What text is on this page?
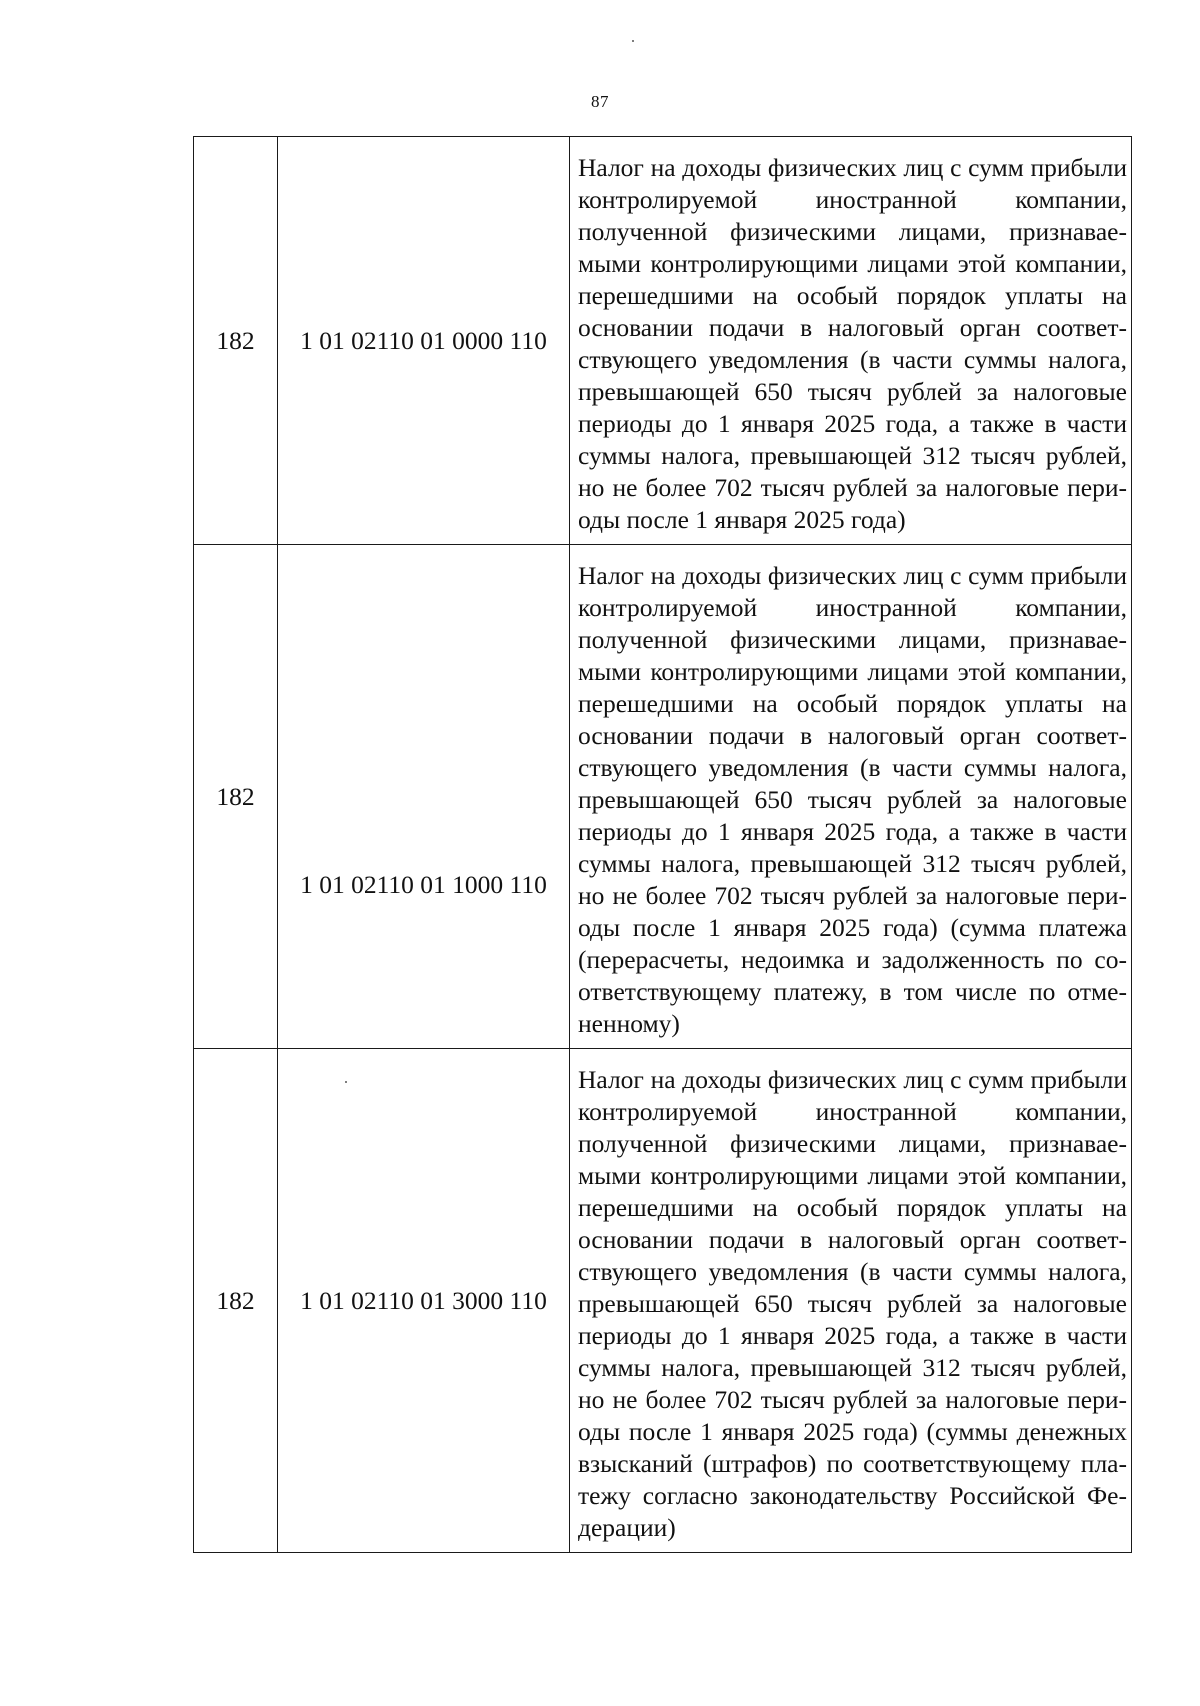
87
182	1 01 02110 01 0000 110	Налог на доходы физических лиц с сумм прибыли контролируемой иностранной компании, полученной физическими лицами, признаваемыми контролирующими лицами этой компании, перешедшими на особый порядок уплаты на основании подачи в налоговый орган соответствующего уведомления (в части суммы налога, превышающей 650 тысяч рублей за налоговые периоды до 1 января 2025 года, а также в части суммы налога, превышающей 312 тысяч рублей, но не более 702 тысяч рублей за налоговые периоды после 1 января 2025 года)
182	1 01 02110 01 1000 110	Налог на доходы физических лиц с сумм прибыли контролируемой иностранной компании, полученной физическими лицами, признаваемыми контролирующими лицами этой компании, перешедшими на особый порядок уплаты на основании подачи в налоговый орган соответствующего уведомления (в части суммы налога, превышающей 650 тысяч рублей за налоговые периоды до 1 января 2025 года, а также в части суммы налога, превышающей 312 тысяч рублей, но не более 702 тысяч рублей за налоговые периоды после 1 января 2025 года) (сумма платежа (перерасчеты, недоимка и задолженность по соответствующему платежу, в том числе по отмененному)
182	1 01 02110 01 3000 110	Налог на доходы физических лиц с сумм прибыли контролируемой иностранной компании, полученной физическими лицами, признаваемыми контролирующими лицами этой компании, перешедшими на особый порядок уплаты на основании подачи в налоговый орган соответствующего уведомления (в части суммы налога, превышающей 650 тысяч рублей за налоговые периоды до 1 января 2025 года, а также в части суммы налога, превышающей 312 тысяч рублей, но не более 702 тысяч рублей за налоговые периоды после 1 января 2025 года) (суммы денежных взысканий (штрафов) по соответствующему платежу согласно законодательству Российской Федерации)
